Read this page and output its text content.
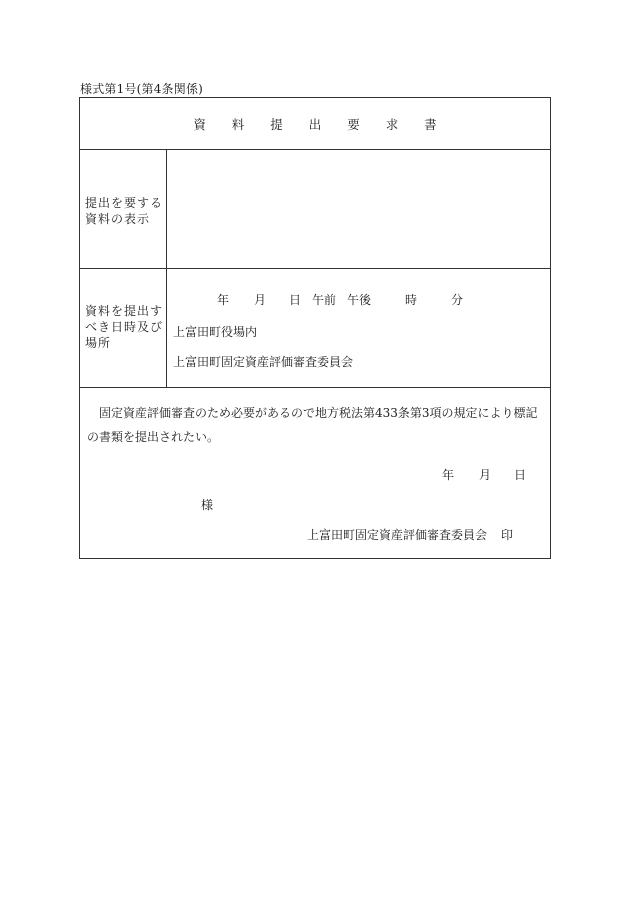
様式第1号(第4条関係)
資 料 提 出 要 求 書
提出を要する資料の表示
資料を提出すべき日時及び場所
年 月 日 午前 午後	時	分
上富田町役場内
上富田町固定資産評価審査委員会
固定資産評価審査のため必要があるので地方税法第433条第3項の規定により標記の書類を提出されたい。
年 月 日
様
上富田町固定資産評価審査委員会 印
